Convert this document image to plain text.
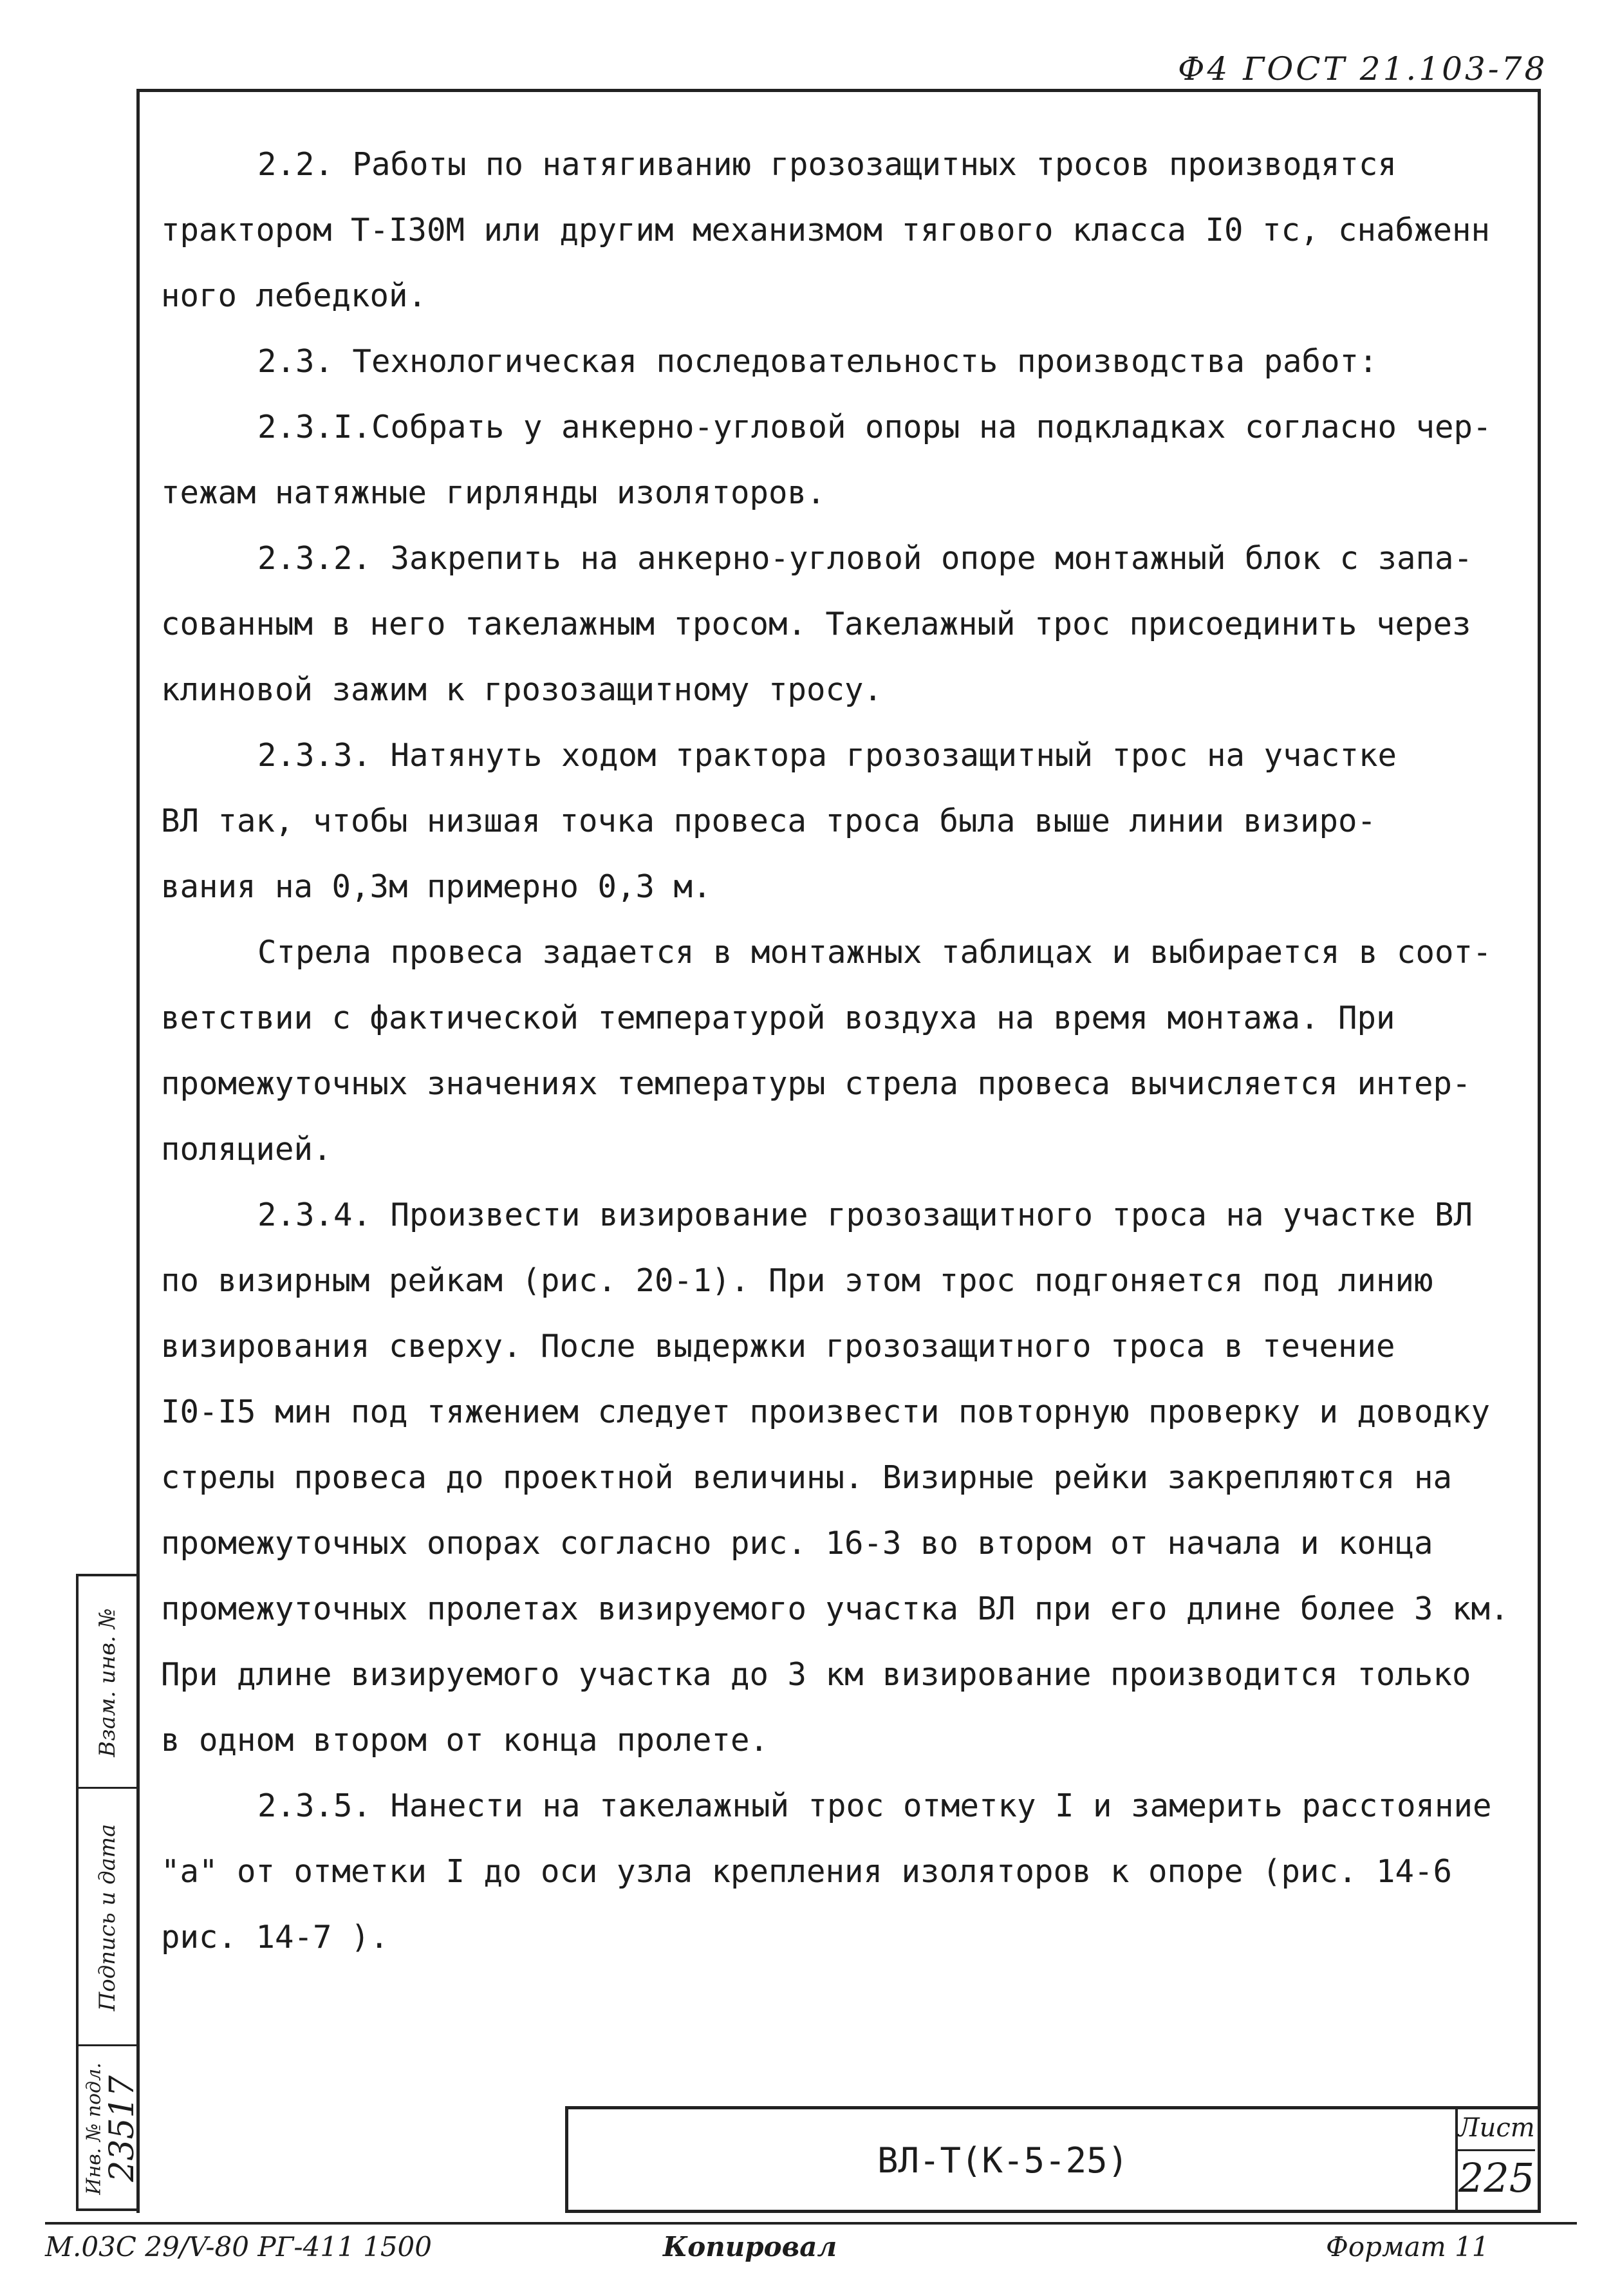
Ф4 ГОСТ 21.103-78
2.2. Работы по натягиванию грозозащитных тросов производятся
трактором Т-I30М или другим механизмом тягового класса I0 тс, снабженн
ного лебедкой.
2.3. Технологическая последовательность производства работ:
2.3.I.Собрать у анкерно-угловой опоры на подкладках согласно чер-
тежам натяжные гирлянды изоляторов.
2.3.2. Закрепить на анкерно-угловой опоре монтажный блок с запа-
сованным в него такелажным тросом. Такелажный трос присоединить через
клиновой зажим к грозозащитному тросу.
2.3.3. Натянуть ходом трактора грозозащитный трос на участке
ВЛ так, чтобы низшая точка провеса троса была выше линии визиро-
вания на 0,3м примерно 0,3 м.
Стрела провеса задается в монтажных таблицах и выбирается в соот-
ветствии с фактической температурой воздуха на время монтажа. При
промежуточных значениях температуры стрела провеса вычисляется интер-
поляцией.
2.3.4. Произвести визирование грозозащитного троса на участке ВЛ
по визирным рейкам (рис. 20-1). При этом трос подгоняется под линию
визирования сверху. После выдержки грозозащитного троса в течение
I0-I5 мин под тяжением следует произвести повторную проверку и доводку
стрелы провеса до проектной величины. Визирные рейки закрепляются на
промежуточных опорах согласно рис. 16-3 во втором от начала и конца
промежуточных пролетах визируемого участка ВЛ при его длине более 3 км.
При длине визируемого участка до 3 км визирование производится только
в одном втором от конца пролете.
2.3.5. Нанести на такелажный трос отметку I и замерить расстояние
"а" от отметки I до оси узла крепления изоляторов к опоре (рис. 14-6
рис. 14-7 ).
Взам. инв. №
Подпись и дата
Инв. № подл.
23517	ВЛ-Т(К-5-25)
Лист
225
М.03С 29/V-80 РГ-411 1500	Копировал	Формат 11
